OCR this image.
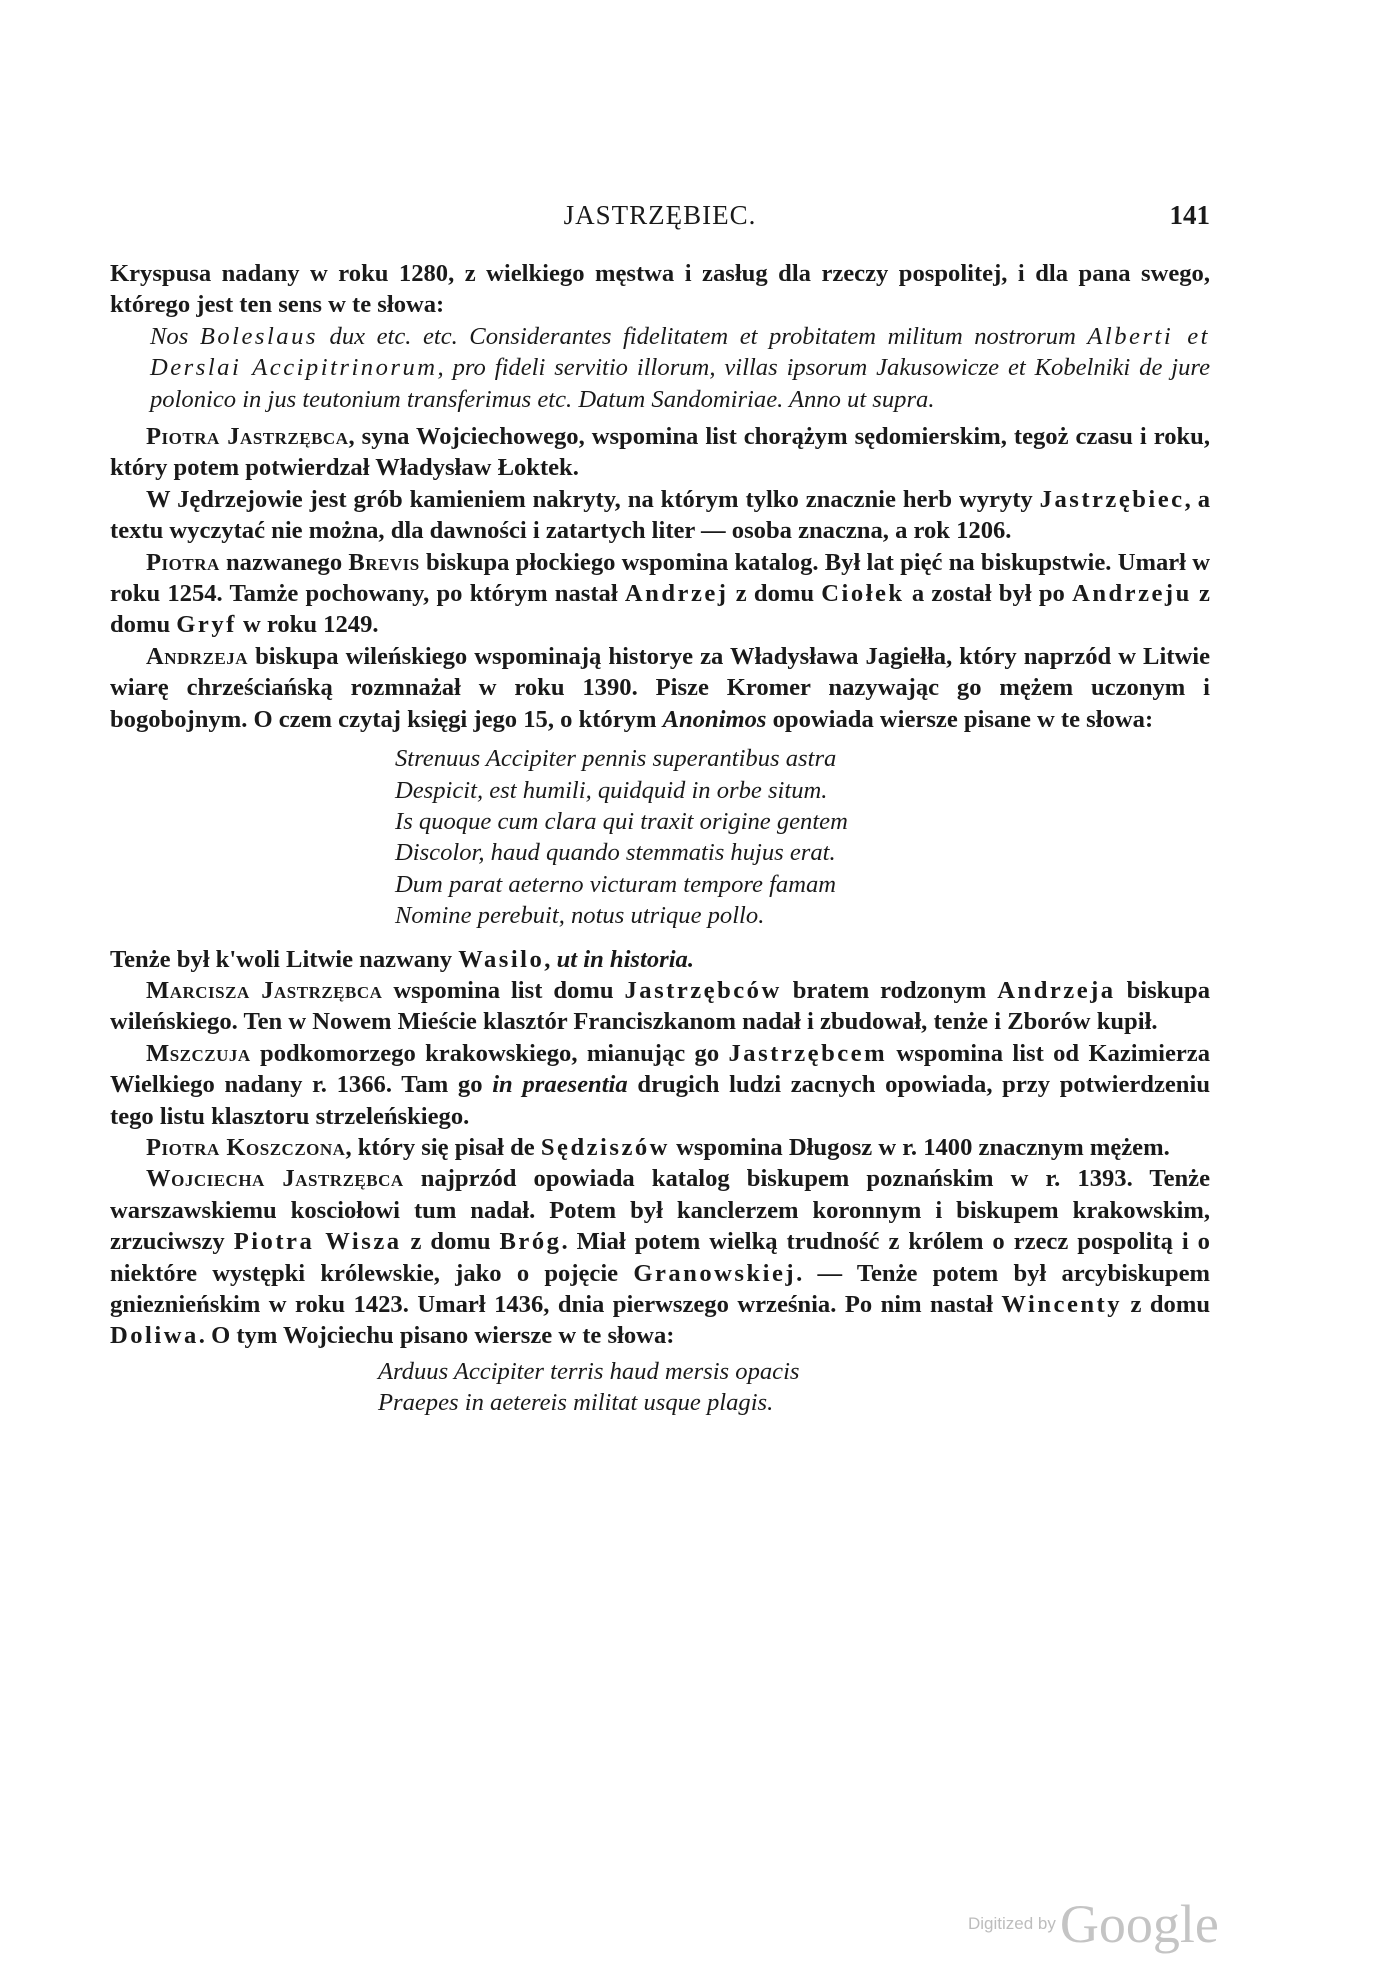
JASTRZĘBIEC.	141

Kryspusa nadany w roku 1280, z wielkiego męstwa i zasług dla rzeczy pospolitej, i dla pana swego, którego jest ten sens w te słowa:

Nos Boleslaus dux etc. etc. Considerantes fidelitatem et probitatem militum nostrorum Alberti et Derslai Accipitrinorum, pro fideli servitio illorum, villas ipsorum Jakusowicze et Kobelniki de jure polonico in jus teutonium transferimus etc. Datum Sandomiriae. Anno ut supra.

Piotra Jastrzębca, syna Wojciechowego, wspomina list chorążym sędomierskim, tegoż czasu i roku, który potem potwierdzał Władysław Łoktek.

W Jędrzejowie jest grób kamieniem nakryty, na którym tylko znacznie herb wyryty Jastrzębiec, a textu wyczytać nie można, dla dawności i zatartych liter — osoba znaczna, a rok 1206.

Piotra nazwanego Brevis biskupa płockiego wspomina katalog. Był lat pięć na biskupstwie. Umarł w roku 1254. Tamże pochowany, po którym nastał Andrzej z domu Ciołek a został był po Andrzeju z domu Gryf w roku 1249.

Andrzeja biskupa wileńskiego wspominają historye za Władysława Jagiełła, który naprzód w Litwie wiarę chrześciańską rozmnażał w roku 1390. Pisze Kromer nazywając go mężem uczonym i bogobojnym. O czem czytaj księgi jego 15, o którym Anonimos opowiada wiersze pisane w te słowa:

Strenuus Accipiter pennis superantibus astra
Despicit, est humili, quidquid in orbe situm.
Is quoque cum clara qui traxit origine gentem
Discolor, haud quando stemmatis hujus erat.
Dum parat aeterno victuram tempore famam
Nomine perebuit, notus utrique pollo.

Tenże był k'woli Litwie nazwany Wasilo, ut in historia.

Marcisza Jastrzębca wspomina list domu Jastrzębców bratem rodzonym Andrzeja biskupa wileńskiego. Ten w Nowem Mieście klasztór Franciszkanom nadał i zbudował, tenże i Zborów kupił.

Mszczuja podkomorzego krakowskiego, mianując go Jastrzębcem wspomina list od Kazimierza Wielkiego nadany r. 1366. Tam go in praesentia drugich ludzi zacnych opowiada, przy potwierdzeniu tego listu klasztoru strzeleńskiego.

Piotra Koszczona, który się pisał de Sędziszów wspomina Długosz w r. 1400 znacznym mężem.

Wojciecha Jastrzębca najprzód opowiada katalog biskupem poznańskim w r. 1393. Tenże warszawskiemu kosciołowi tum nadał. Potem był kanclerzem koronnym i biskupem krakowskim, zrzuciwszy Piotra Wisza z domu Bróg. Miał potem wielką trudność z królem o rzecz pospolitą i o niektóre występki królewskie, jako o pojęcie Granowskiej. — Tenże potem był arcybiskupem gnieznieńskim w roku 1423. Umarł 1436, dnia pierwszego września. Po nim nastał Wincenty z domu Doliwa. O tym Wojciechu pisano wiersze w te słowa:

Arduus Accipiter terris haud mersis opacis
Praepes in aetereis militat usque plagis.
Digitized byGoogle
